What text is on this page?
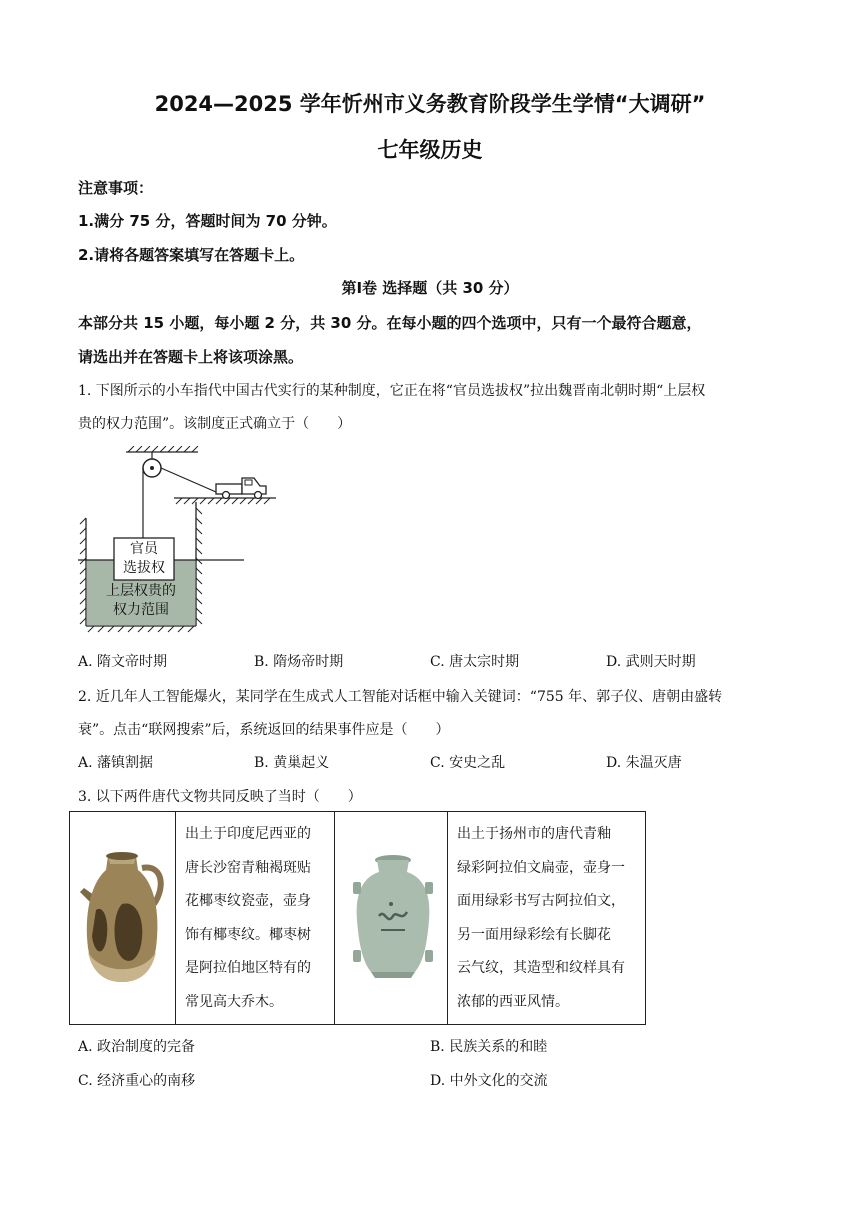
2024—2025 学年忻州市义务教育阶段学生学情“大调研”
七年级历史
注意事项：
1.满分 75 分，答题时间为 70 分钟。
2.请将各题答案填写在答题卡上。
第Ⅰ卷 选择题（共 30 分）
本部分共 15 小题，每小题 2 分，共 30 分。在每小题的四个选项中，只有一个最符合题意，
请选出并在答题卡上将该项涂黑。
1. 下图所示的小车指代中国古代实行的某种制度，它正在将“官员选拔权”拉出魏晋南北朝时期“上层权
贵的权力范围”。该制度正式确立于（　　）
官员
选拔权
上层权贵的
权力范围
A. 隋文帝时期	B. 隋炀帝时期	C. 唐太宗时期	D. 武则天时期
2. 近几年人工智能爆火，某同学在生成式人工智能对话框中输入关键词：“755 年、郭子仪、唐朝由盛转
衰”。点击“联网搜索”后，系统返回的结果事件应是（　　）
A. 藩镇割据	B. 黄巢起义	C. 安史之乱	D. 朱温灭唐
3. 以下两件唐代文物共同反映了当时（　　）

出土于印度尼西亚的
唐长沙窑青釉褐斑贴
花椰枣纹瓷壶，壶身
饰有椰枣纹。椰枣树
是阿拉伯地区特有的
常见高大乔木。

出土于扬州市的唐代青釉
绿彩阿拉伯文扁壶，壶身一
面用绿彩书写古阿拉伯文，
另一面用绿彩绘有长脚花
云气纹，其造型和纹样具有
浓郁的西亚风情。
A. 政治制度的完备	B. 民族关系的和睦
C. 经济重心的南移	D. 中外文化的交流
